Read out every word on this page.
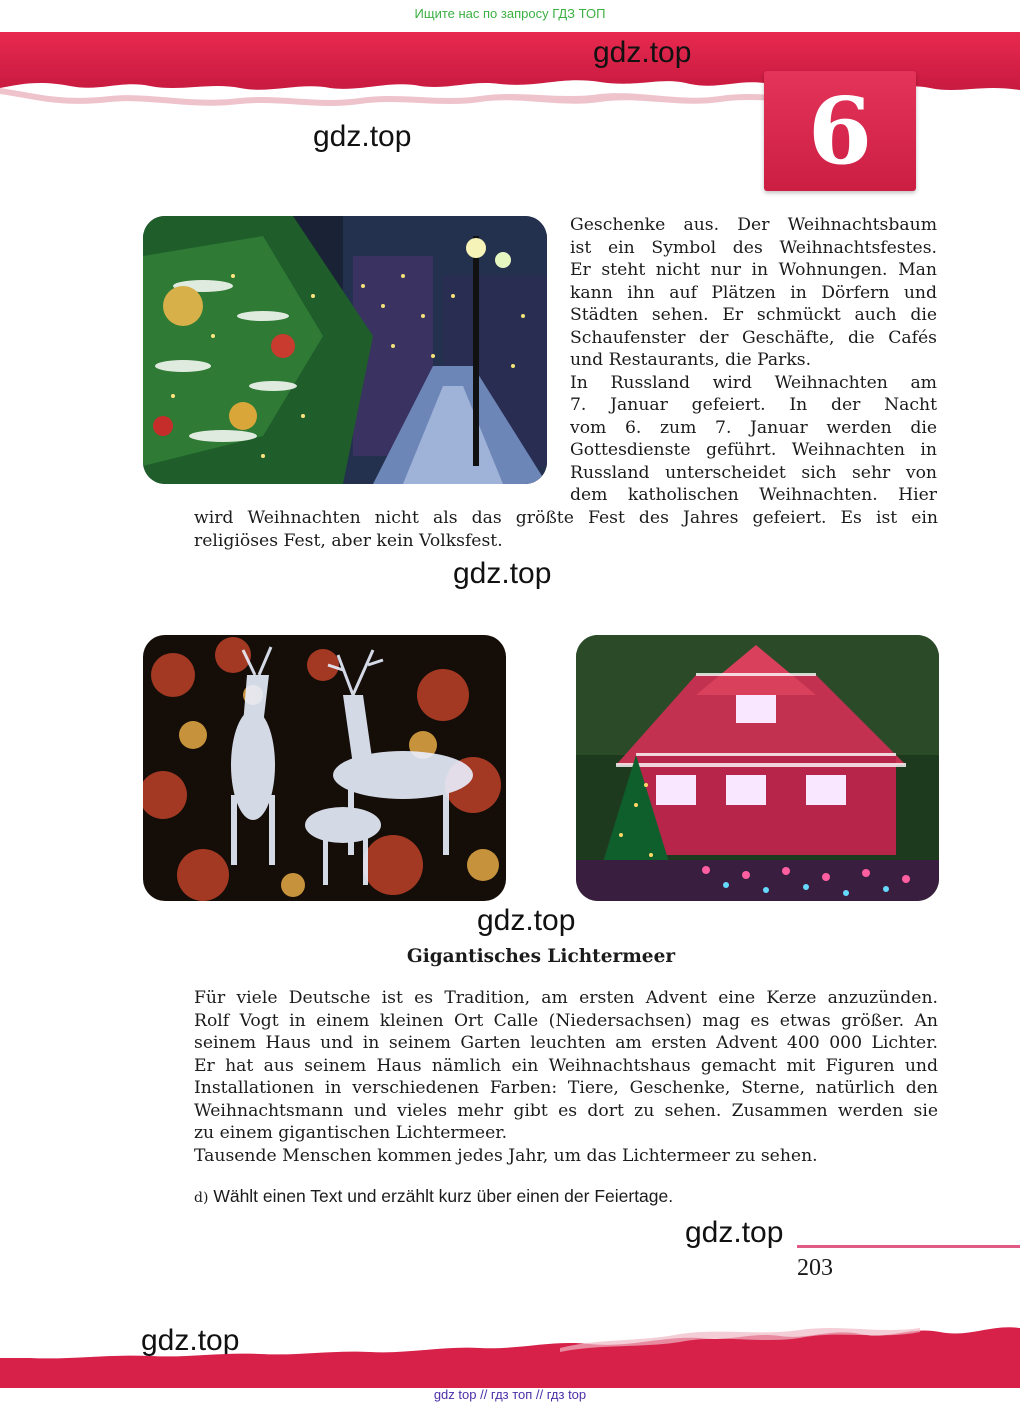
Ищите нас по запросу ГДЗ ТОП
6
gdz.top
gdz.top
gdz.top
gdz.top
gdz.top
gdz.top
Geschenke aus. Der Weihnachtsbaum
ist ein Symbol des Weihnachtsfestes.
Er steht nicht nur in Wohnungen. Man
kann ihn auf Plätzen in Dörfern und
Städten sehen. Er schmückt auch die
Schaufenster der Geschäfte, die Cafés
und Restaurants, die Parks.
In Russland wird Weihnachten am
7. Januar gefeiert. In der Nacht
vom 6. zum 7. Januar werden die
Gottesdienste geführt. Weihnachten in
Russland unterscheidet sich sehr von
dem katholischen Weihnachten. Hier
wird Weihnachten nicht als das größte Fest des Jahres gefeiert. Es ist ein
religiöses Fest, aber kein Volksfest.
Gigantisches Lichtermeer
Für viele Deutsche ist es Tradition, am ersten Advent eine Kerze anzuzünden.
Rolf Vogt in einem kleinen Ort Calle (Niedersachsen) mag es etwas größer. An
seinem Haus und in seinem Garten leuchten am ersten Advent 400 000 Lichter.
Er hat aus seinem Haus nämlich ein Weihnachtshaus gemacht mit Figuren und
Installationen in verschiedenen Farben: Tiere, Geschenke, Sterne, natürlich den
Weihnachtsmann und vieles mehr gibt es dort zu sehen. Zusammen werden sie
zu einem gigantischen Lichtermeer.
Tausende Menschen kommen jedes Jahr, um das Lichtermeer zu sehen.
d) Wählt einen Text und erzählt kurz über einen der Feiertage.
203
gdz top // гдз топ // гдз top
